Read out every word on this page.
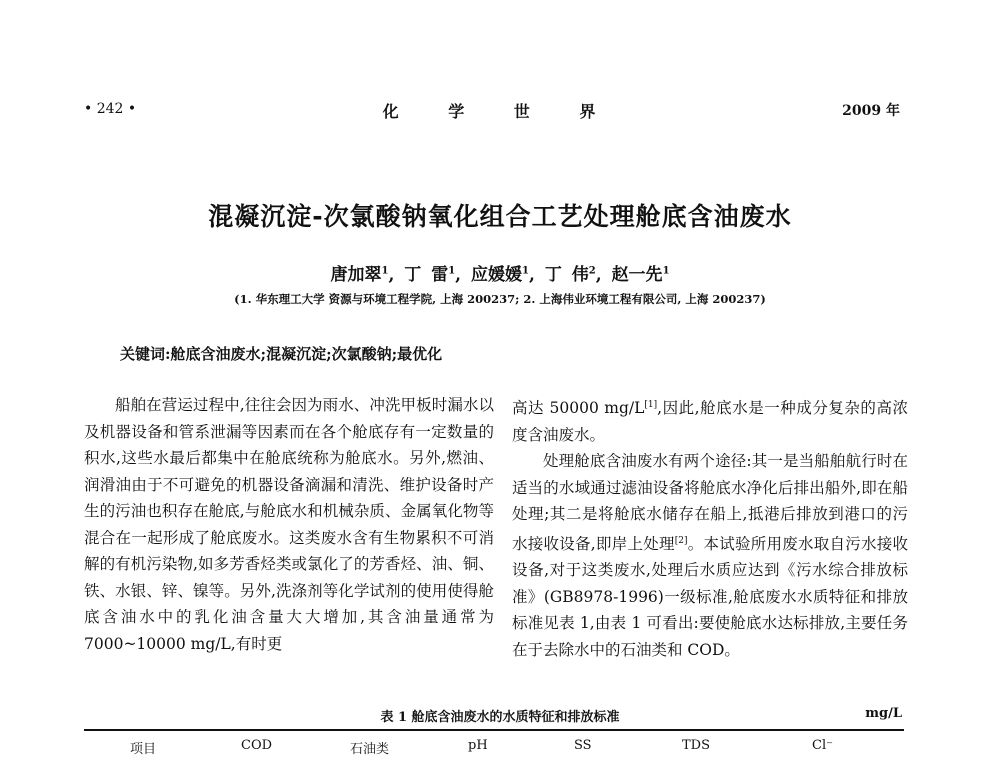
• 242 •	化 学 世 界	2009 年
混凝沉淀-次氯酸钠氧化组合工艺处理舱底含油废水
唐加翠$^1$, 丁 雷$^1$, 应媛媛$^1$, 丁 伟$^2$, 赵一先$^1$
(1. 华东理工大学 资源与环境工程学院, 上海 200237; 2. 上海伟业环境工程有限公司, 上海 200237)
关键词:舱底含油废水;混凝沉淀;次氯酸钠;最优化

船舶在营运过程中,往往会因为雨水、冲洗甲板时漏水以及机器设备和管系泄漏等因素而在各个舱底存有一定数量的积水,这些水最后都集中在舱底统称为舱底水。另外,燃油、润滑油由于不可避免的机器设备滴漏和清洗、维护设备时产生的污油也积存在舱底,与舱底水和机械杂质、金属氧化物等混合在一起形成了舱底废水。这类废水含有生物累积不可消解的有机污染物,如多芳香烃类或氯化了的芳香烃、油、铜、铁、水银、锌、镍等。另外,洗涤剂等化学试剂的使用使得舱底含油水中的乳化油含量大大增加,其含油量通常为 7000~10000 mg/L,有时更

高达 50000 mg/L[1],因此,舱底水是一种成分复杂的高浓度含油废水。

处理舱底含油废水有两个途径:其一是当船舶航行时在适当的水域通过滤油设备将舱底水净化后排出船外,即在船处理;其二是将舱底水储存在船上,抵港后排放到港口的污水接收设备,即岸上处理[2]。本试验所用废水取自污水接收设备,对于这类废水,处理后水质应达到《污水综合排放标准》(GB8978-1996)一级标准,舱底废水水质特征和排放标准见表 1,由表 1 可看出:要使舱底水达标排放,主要任务在于去除水中的石油类和 COD。

表 1 舱底含油废水的水质特征和排放标准	mg/L
项目	COD	石油类	pH	SS	TDS	Cl⁻
